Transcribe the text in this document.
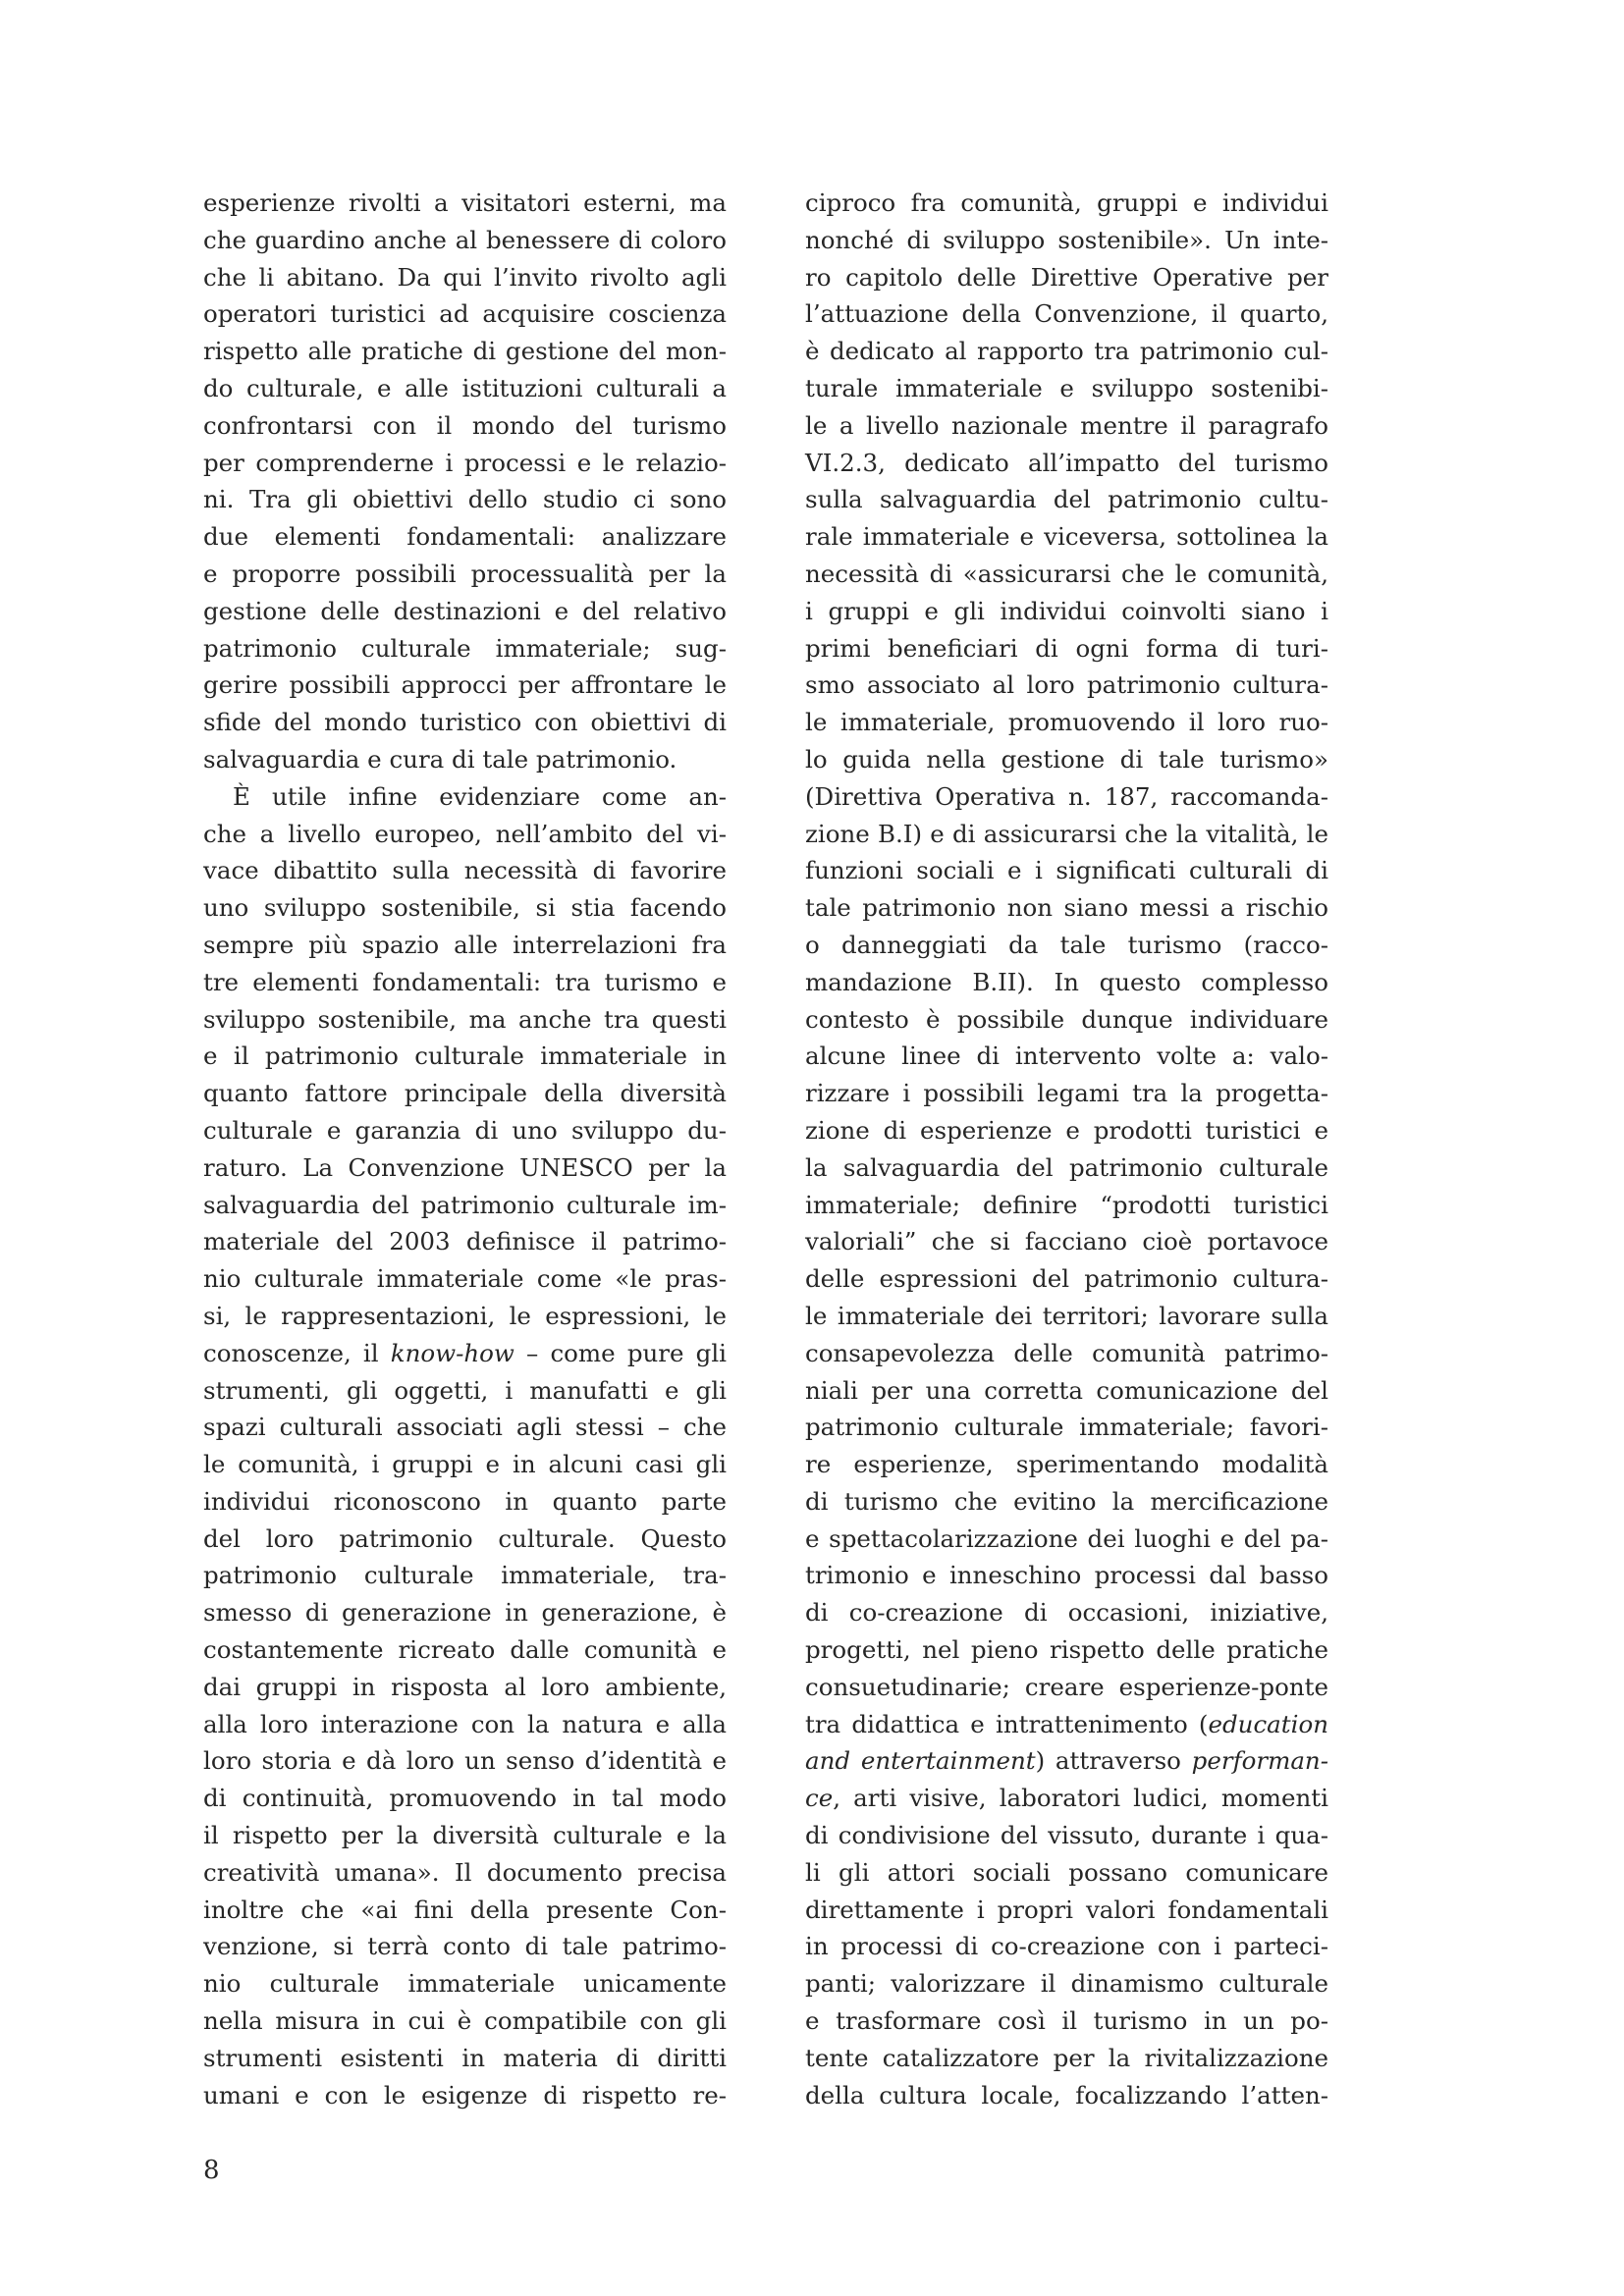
esperienze rivolti a visitatori esterni, ma
che guardino anche al benessere di coloro
che li abitano. Da qui l’invito rivolto agli
operatori turistici ad acquisire coscienza
rispetto alle pratiche di gestione del mon-
do culturale, e alle istituzioni culturali a
confrontarsi con il mondo del turismo
per comprenderne i processi e le relazio-
ni. Tra gli obiettivi dello studio ci sono
due elementi fondamentali: analizzare
e proporre possibili processualità per la
gestione delle destinazioni e del relativo
patrimonio culturale immateriale; sug-
gerire possibili approcci per affrontare le
sfide del mondo turistico con obiettivi di
salvaguardia e cura di tale patrimonio.
È utile infine evidenziare come an-
che a livello europeo, nell’ambito del vi-
vace dibattito sulla necessità di favorire
uno sviluppo sostenibile, si stia facendo
sempre più spazio alle interrelazioni fra
tre elementi fondamentali: tra turismo e
sviluppo sostenibile, ma anche tra questi
e il patrimonio culturale immateriale in
quanto fattore principale della diversità
culturale e garanzia di uno sviluppo du-
raturo. La Convenzione UNESCO per la
salvaguardia del patrimonio culturale im-
materiale del 2003 definisce il patrimo-
nio culturale immateriale come «le pras-
si, le rappresentazioni, le espressioni, le
conoscenze, il know-how – come pure gli
strumenti, gli oggetti, i manufatti e gli
spazi culturali associati agli stessi – che
le comunità, i gruppi e in alcuni casi gli
individui riconoscono in quanto parte
del loro patrimonio culturale. Questo
patrimonio culturale immateriale, tra-
smesso di generazione in generazione, è
costantemente ricreato dalle comunità e
dai gruppi in risposta al loro ambiente,
alla loro interazione con la natura e alla
loro storia e dà loro un senso d’identità e
di continuità, promuovendo in tal modo
il rispetto per la diversità culturale e la
creatività umana». Il documento precisa
inoltre che «ai fini della presente Con-
venzione, si terrà conto di tale patrimo-
nio culturale immateriale unicamente
nella misura in cui è compatibile con gli
strumenti esistenti in materia di diritti
umani e con le esigenze di rispetto re-
ciproco fra comunità, gruppi e individui
nonché di sviluppo sostenibile». Un inte-
ro capitolo delle Direttive Operative per
l’attuazione della Convenzione, il quarto,
è dedicato al rapporto tra patrimonio cul-
turale immateriale e sviluppo sostenibi-
le a livello nazionale mentre il paragrafo
VI.2.3, dedicato all’impatto del turismo
sulla salvaguardia del patrimonio cultu-
rale immateriale e viceversa, sottolinea la
necessità di «assicurarsi che le comunità,
i gruppi e gli individui coinvolti siano i
primi beneficiari di ogni forma di turi-
smo associato al loro patrimonio cultura-
le immateriale, promuovendo il loro ruo-
lo guida nella gestione di tale turismo»
(Direttiva Operativa n. 187, raccomanda-
zione B.I) e di assicurarsi che la vitalità, le
funzioni sociali e i significati culturali di
tale patrimonio non siano messi a rischio
o danneggiati da tale turismo (racco-
mandazione B.II). In questo complesso
contesto è possibile dunque individuare
alcune linee di intervento volte a: valo-
rizzare i possibili legami tra la progetta-
zione di esperienze e prodotti turistici e
la salvaguardia del patrimonio culturale
immateriale; definire “prodotti turistici
valoriali” che si facciano cioè portavoce
delle espressioni del patrimonio cultura-
le immateriale dei territori; lavorare sulla
consapevolezza delle comunità patrimo-
niali per una corretta comunicazione del
patrimonio culturale immateriale; favori-
re esperienze, sperimentando modalità
di turismo che evitino la mercificazione
e spettacolarizzazione dei luoghi e del pa-
trimonio e inneschino processi dal basso
di co-creazione di occasioni, iniziative,
progetti, nel pieno rispetto delle pratiche
consuetudinarie; creare esperienze-ponte
tra didattica e intrattenimento (education
and entertainment) attraverso performan-
ce, arti visive, laboratori ludici, momenti
di condivisione del vissuto, durante i qua-
li gli attori sociali possano comunicare
direttamente i propri valori fondamentali
in processi di co-creazione con i parteci-
panti; valorizzare il dinamismo culturale
e trasformare così il turismo in un po-
tente catalizzatore per la rivitalizzazione
della cultura locale, focalizzando l’atten-
8
